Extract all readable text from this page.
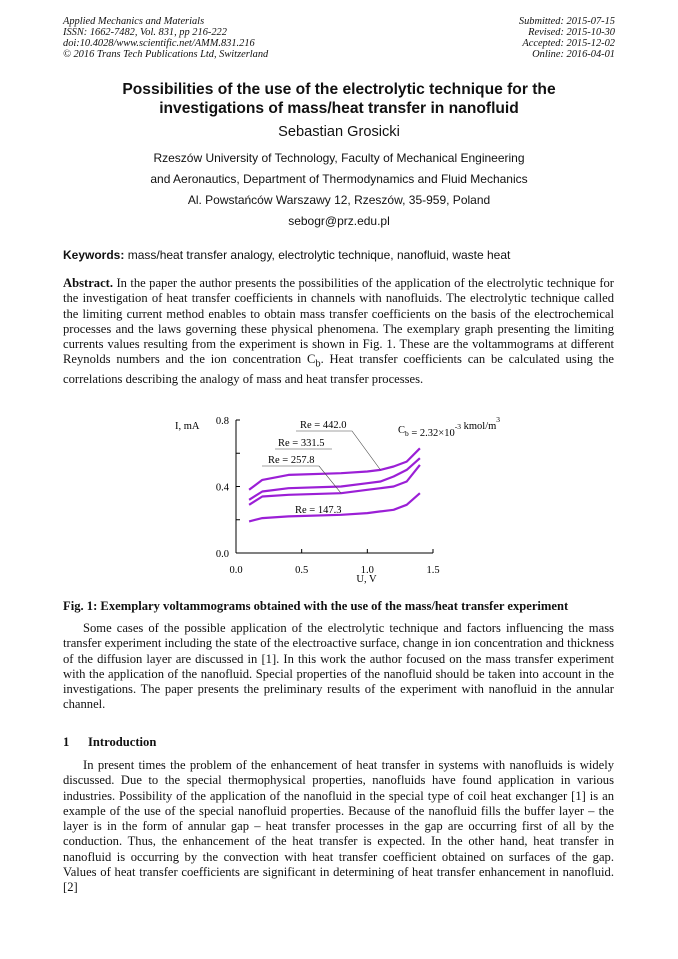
Applied Mechanics and Materials
ISSN: 1662-7482, Vol. 831, pp 216-222
doi:10.4028/www.scientific.net/AMM.831.216
© 2016 Trans Tech Publications Ltd, Switzerland
Submitted: 2015-07-15
Revised: 2015-10-30
Accepted: 2015-12-02
Online: 2016-04-01
Possibilities of the use of the electrolytic technique for the
investigations of mass/heat transfer in nanofluid
Sebastian Grosicki
Rzeszów University of Technology, Faculty of Mechanical Engineering
and Aeronautics, Department of Thermodynamics and Fluid Mechanics
Al. Powstańców Warszawy 12, Rzeszów, 35-959, Poland
sebogr@prz.edu.pl
Keywords: mass/heat transfer analogy, electrolytic technique, nanofluid, waste heat
Abstract. In the paper the author presents the possibilities of the application of the electrolytic technique for the investigation of heat transfer coefficients in channels with nanofluids. The electrolytic technique called the limiting current method enables to obtain mass transfer coefficients on the basis of the electrochemical processes and the laws governing these physical phenomena. The exemplary graph presenting the limiting currents values resulting from the experiment is shown in Fig. 1. These are the voltammograms at different Reynolds numbers and the ion concentration $C_b$. Heat transfer coefficients can be calculated using the correlations describing the analogy of mass and heat transfer processes.
0.0	0.5	1.0	1.5
0.0
0.4
0.8
U, V
I, mA	Re = 442.0
Re = 331.5
Re = 257.8
Re = 147.3
$C_b = 2.32\times 10^{-3}$ kmol/$m^3$
Fig. 1: Exemplary voltammograms obtained with the use of the mass/heat transfer experiment
Some cases of the possible application of the electrolytic technique and factors influencing the mass transfer experiment including the state of the electroactive surface, change in ion concentration and thickness of the diffusion layer are discussed in [1]. In this work the author focused on the mass transfer experiment with the application of the nanofluid. Special properties of the nanofluid should be taken into account in the investigations. The paper presents the preliminary results of the experiment with nanofluid in the annular channel.
1 Introduction
In present times the problem of the enhancement of heat transfer in systems with nanofluids is widely discussed. Due to the special thermophysical properties, nanofluids have found application in various industries. Possibility of the application of the nanofluid in the special type of coil heat exchanger [1] is an example of the use of the special nanofluid properties. Because of the nanofluid fills the buffer layer – the layer is in the form of annular gap – heat transfer processes in the gap are occurring first of all by the conduction. Thus, the enhancement of the heat transfer is expected. In the other hand, heat transfer in nanofluid is occurring by the convection with heat transfer coefficient obtained on surfaces of the gap. Values of heat transfer coefficients are significant in determining of heat transfer enhancement in nanofluid.[2]
